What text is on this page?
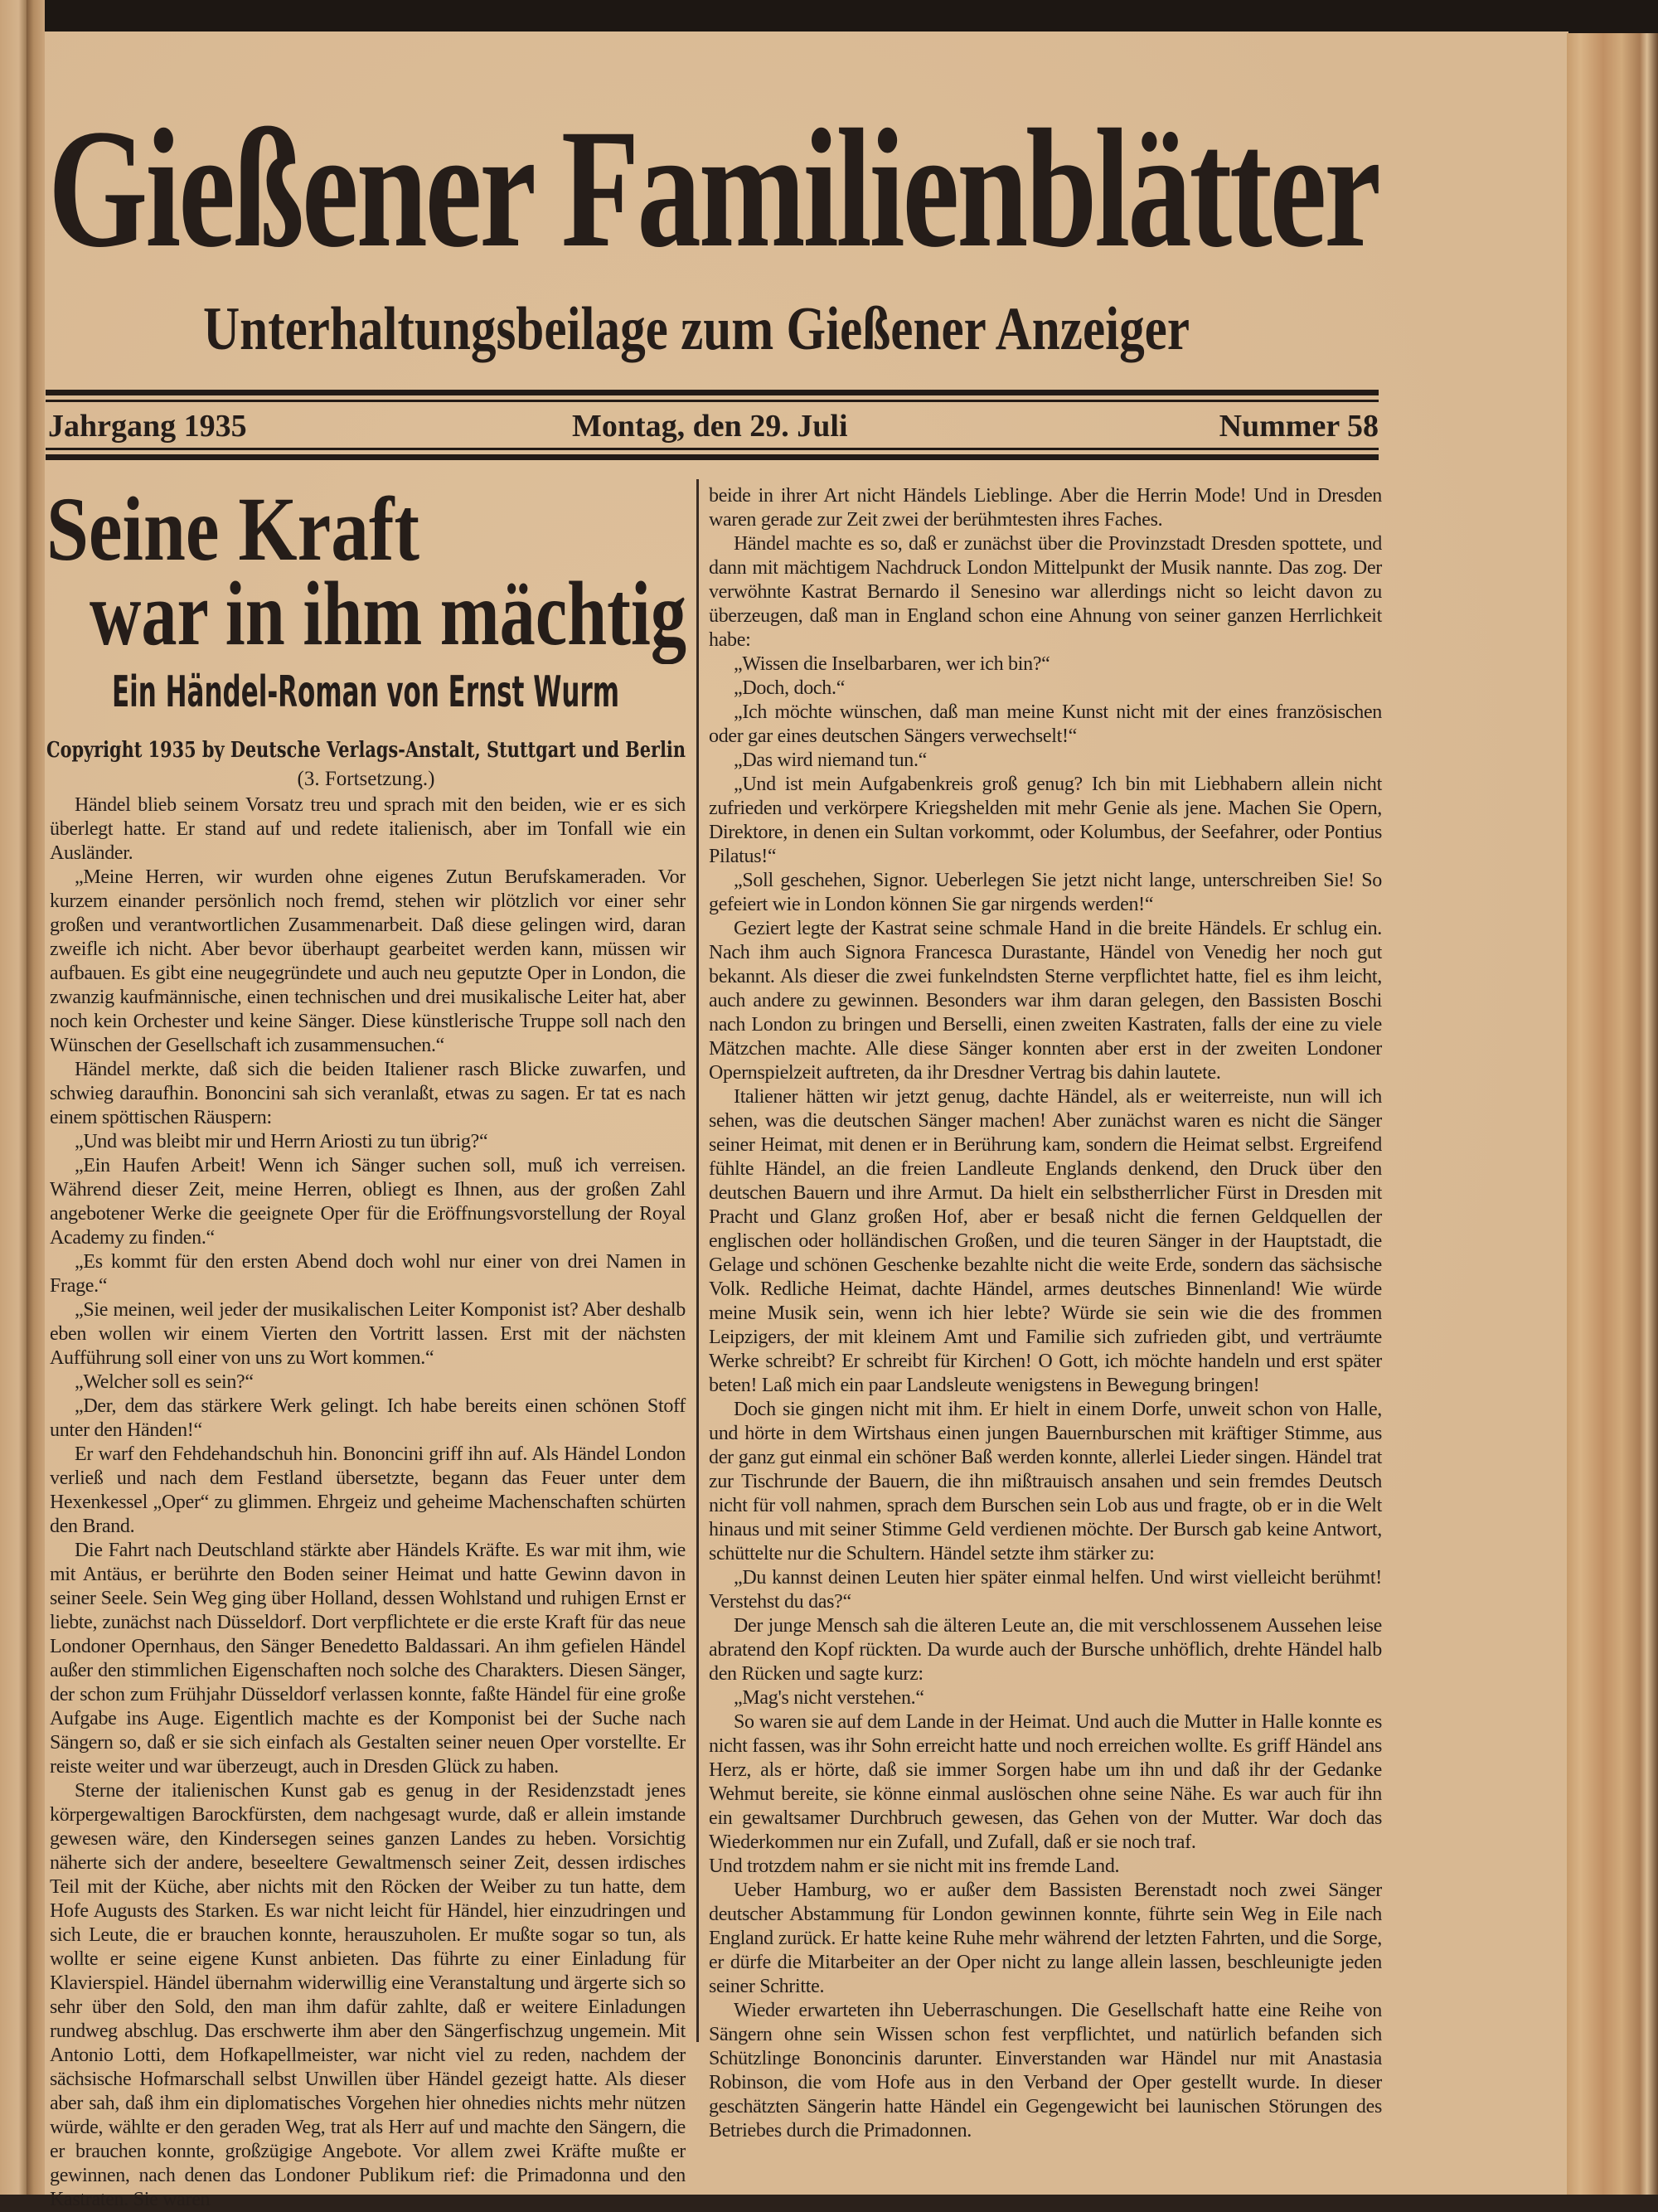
Gießener Familienblätter
Unterhaltungsbeilage zum Gießener Anzeiger
Jahrgang 1935	Montag, den 29. Juli	Nummer 58
Seine Kraft
war in ihm mächtig
Ein Händel-Roman von Ernst Wurm
Copyright 1935 by Deutsche Verlags-Anstalt, Stuttgart und Berlin
(3. Fortsetzung.)

Händel blieb seinem Vorsatz treu und sprach mit den beiden, wie er es sich überlegt hatte. Er stand auf und redete italienisch, aber im Tonfall wie ein Ausländer.

„Meine Herren, wir wurden ohne eigenes Zutun Berufskameraden. Vor kurzem einander persönlich noch fremd, stehen wir plötzlich vor einer sehr großen und verantwortlichen Zusammenarbeit. Daß diese gelingen wird, daran zweifle ich nicht. Aber bevor überhaupt gearbeitet werden kann, müssen wir aufbauen. Es gibt eine neugegründete und auch neu geputzte Oper in London, die zwanzig kaufmännische, einen technischen und drei musikalische Leiter hat, aber noch kein Orchester und keine Sänger. Diese künstlerische Truppe soll nach den Wünschen der Gesellschaft ich zusammensuchen.“

Händel merkte, daß sich die beiden Italiener rasch Blicke zuwarfen, und schwieg daraufhin. Bononcini sah sich veranlaßt, etwas zu sagen. Er tat es nach einem spöttischen Räuspern:

„Und was bleibt mir und Herrn Ariosti zu tun übrig?“

„Ein Haufen Arbeit! Wenn ich Sänger suchen soll, muß ich verreisen. Während dieser Zeit, meine Herren, obliegt es Ihnen, aus der großen Zahl angebotener Werke die geeignete Oper für die Eröffnungsvorstellung der Royal Academy zu finden.“

„Es kommt für den ersten Abend doch wohl nur einer von drei Namen in Frage.“

„Sie meinen, weil jeder der musikalischen Leiter Komponist ist? Aber deshalb eben wollen wir einem Vierten den Vortritt lassen. Erst mit der nächsten Aufführung soll einer von uns zu Wort kommen.“

„Welcher soll es sein?“

„Der, dem das stärkere Werk gelingt. Ich habe bereits einen schönen Stoff unter den Händen!“

Er warf den Fehdehandschuh hin. Bononcini griff ihn auf. Als Händel London verließ und nach dem Festland übersetzte, begann das Feuer unter dem Hexenkessel „Oper“ zu glimmen. Ehrgeiz und geheime Machenschaften schürten den Brand.

Die Fahrt nach Deutschland stärkte aber Händels Kräfte. Es war mit ihm, wie mit Antäus, er berührte den Boden seiner Heimat und hatte Gewinn davon in seiner Seele. Sein Weg ging über Holland, dessen Wohlstand und ruhigen Ernst er liebte, zunächst nach Düsseldorf. Dort verpflichtete er die erste Kraft für das neue Londoner Opernhaus, den Sänger Benedetto Baldassari. An ihm gefielen Händel außer den stimmlichen Eigenschaften noch solche des Charakters. Diesen Sänger, der schon zum Frühjahr Düsseldorf verlassen konnte, faßte Händel für eine große Aufgabe ins Auge. Eigentlich machte es der Komponist bei der Suche nach Sängern so, daß er sie sich einfach als Gestalten seiner neuen Oper vorstellte. Er reiste weiter und war überzeugt, auch in Dresden Glück zu haben.

Sterne der italienischen Kunst gab es genug in der Residenzstadt jenes körpergewaltigen Barockfürsten, dem nachgesagt wurde, daß er allein imstande gewesen wäre, den Kindersegen seines ganzen Landes zu heben. Vorsichtig näherte sich der andere, beseeltere Gewaltmensch seiner Zeit, dessen irdisches Teil mit der Küche, aber nichts mit den Röcken der Weiber zu tun hatte, dem Hofe Augusts des Starken. Es war nicht leicht für Händel, hier einzudringen und sich Leute, die er brauchen konnte, herauszuholen. Er mußte sogar so tun, als wollte er seine eigene Kunst anbieten. Das führte zu einer Einladung für Klavierspiel. Händel übernahm widerwillig eine Veranstaltung und ärgerte sich so sehr über den Sold, den man ihm dafür zahlte, daß er weitere Einladungen rundweg abschlug. Das erschwerte ihm aber den Sängerfischzug ungemein. Mit Antonio Lotti, dem Hofkapellmeister, war nicht viel zu reden, nachdem der sächsische Hofmarschall selbst Unwillen über Händel gezeigt hatte. Als dieser aber sah, daß ihm ein diplomatisches Vorgehen hier ohnedies nichts mehr nützen würde, wählte er den geraden Weg, trat als Herr auf und machte den Sängern, die er brauchen konnte, großzügige Angebote. Vor allem zwei Kräfte mußte er gewinnen, nach denen das Londoner Publikum rief: die Primadonna und den Kastraten. Sie waren

beide in ihrer Art nicht Händels Lieblinge. Aber die Herrin Mode! Und in Dresden waren gerade zur Zeit zwei der berühmtesten ihres Faches.

Händel machte es so, daß er zunächst über die Provinzstadt Dresden spottete, und dann mit mächtigem Nachdruck London Mittelpunkt der Musik nannte. Das zog. Der verwöhnte Kastrat Bernardo il Senesino war allerdings nicht so leicht davon zu überzeugen, daß man in England schon eine Ahnung von seiner ganzen Herrlichkeit habe:

„Wissen die Inselbarbaren, wer ich bin?“

„Doch, doch.“

„Ich möchte wünschen, daß man meine Kunst nicht mit der eines französischen oder gar eines deutschen Sängers verwechselt!“

„Das wird niemand tun.“

„Und ist mein Aufgabenkreis groß genug? Ich bin mit Liebhabern allein nicht zufrieden und verkörpere Kriegshelden mit mehr Genie als jene. Machen Sie Opern, Direktore, in denen ein Sultan vorkommt, oder Kolumbus, der Seefahrer, oder Pontius Pilatus!“

„Soll geschehen, Signor. Ueberlegen Sie jetzt nicht lange, unterschreiben Sie! So gefeiert wie in London können Sie gar nirgends werden!“

Geziert legte der Kastrat seine schmale Hand in die breite Händels. Er schlug ein. Nach ihm auch Signora Francesca Durastante, Händel von Venedig her noch gut bekannt. Als dieser die zwei funkelndsten Sterne verpflichtet hatte, fiel es ihm leicht, auch andere zu gewinnen. Besonders war ihm daran gelegen, den Bassisten Boschi nach London zu bringen und Berselli, einen zweiten Kastraten, falls der eine zu viele Mätzchen machte. Alle diese Sänger konnten aber erst in der zweiten Londoner Opernspielzeit auftreten, da ihr Dresdner Vertrag bis dahin lautete.

Italiener hätten wir jetzt genug, dachte Händel, als er weiterreiste, nun will ich sehen, was die deutschen Sänger machen! Aber zunächst waren es nicht die Sänger seiner Heimat, mit denen er in Berührung kam, sondern die Heimat selbst. Ergreifend fühlte Händel, an die freien Landleute Englands denkend, den Druck über den deutschen Bauern und ihre Armut. Da hielt ein selbstherrlicher Fürst in Dresden mit Pracht und Glanz großen Hof, aber er besaß nicht die fernen Geldquellen der englischen oder holländischen Großen, und die teuren Sänger in der Hauptstadt, die Gelage und schönen Geschenke bezahlte nicht die weite Erde, sondern das sächsische Volk. Redliche Heimat, dachte Händel, armes deutsches Binnenland! Wie würde meine Musik sein, wenn ich hier lebte? Würde sie sein wie die des frommen Leipzigers, der mit kleinem Amt und Familie sich zufrieden gibt, und verträumte Werke schreibt? Er schreibt für Kirchen! O Gott, ich möchte handeln und erst später beten! Laß mich ein paar Landsleute wenigstens in Bewegung bringen!

Doch sie gingen nicht mit ihm. Er hielt in einem Dorfe, unweit schon von Halle, und hörte in dem Wirtshaus einen jungen Bauernburschen mit kräftiger Stimme, aus der ganz gut einmal ein schöner Baß werden konnte, allerlei Lieder singen. Händel trat zur Tischrunde der Bauern, die ihn mißtrauisch ansahen und sein fremdes Deutsch nicht für voll nahmen, sprach dem Burschen sein Lob aus und fragte, ob er in die Welt hinaus und mit seiner Stimme Geld verdienen möchte. Der Bursch gab keine Antwort, schüttelte nur die Schultern. Händel setzte ihm stärker zu:

„Du kannst deinen Leuten hier später einmal helfen. Und wirst vielleicht berühmt! Verstehst du das?“

Der junge Mensch sah die älteren Leute an, die mit verschlossenem Aussehen leise abratend den Kopf rückten. Da wurde auch der Bursche unhöflich, drehte Händel halb den Rücken und sagte kurz:

„Mag's nicht verstehen.“

So waren sie auf dem Lande in der Heimat. Und auch die Mutter in Halle konnte es nicht fassen, was ihr Sohn erreicht hatte und noch erreichen wollte. Es griff Händel ans Herz, als er hörte, daß sie immer Sorgen habe um ihn und daß ihr der Gedanke Wehmut bereite, sie könne einmal auslöschen ohne seine Nähe. Es war auch für ihn ein gewaltsamer Durchbruch gewesen, das Gehen von der Mutter. War doch das Wiederkommen nur ein Zufall, und Zufall, daß er sie noch traf.

Und trotzdem nahm er sie nicht mit ins fremde Land.

Ueber Hamburg, wo er außer dem Bassisten Berenstadt noch zwei Sänger deutscher Abstammung für London gewinnen konnte, führte sein Weg in Eile nach England zurück. Er hatte keine Ruhe mehr während der letzten Fahrten, und die Sorge, er dürfe die Mitarbeiter an der Oper nicht zu lange allein lassen, beschleunigte jeden seiner Schritte.

Wieder erwarteten ihn Ueberraschungen. Die Gesellschaft hatte eine Reihe von Sängern ohne sein Wissen schon fest verpflichtet, und natürlich befanden sich Schützlinge Bononcinis darunter. Einverstanden war Händel nur mit Anastasia Robinson, die vom Hofe aus in den Verband der Oper gestellt wurde. In dieser geschätzten Sängerin hatte Händel ein Gegengewicht bei launischen Störungen des Betriebes durch die Primadonnen.
